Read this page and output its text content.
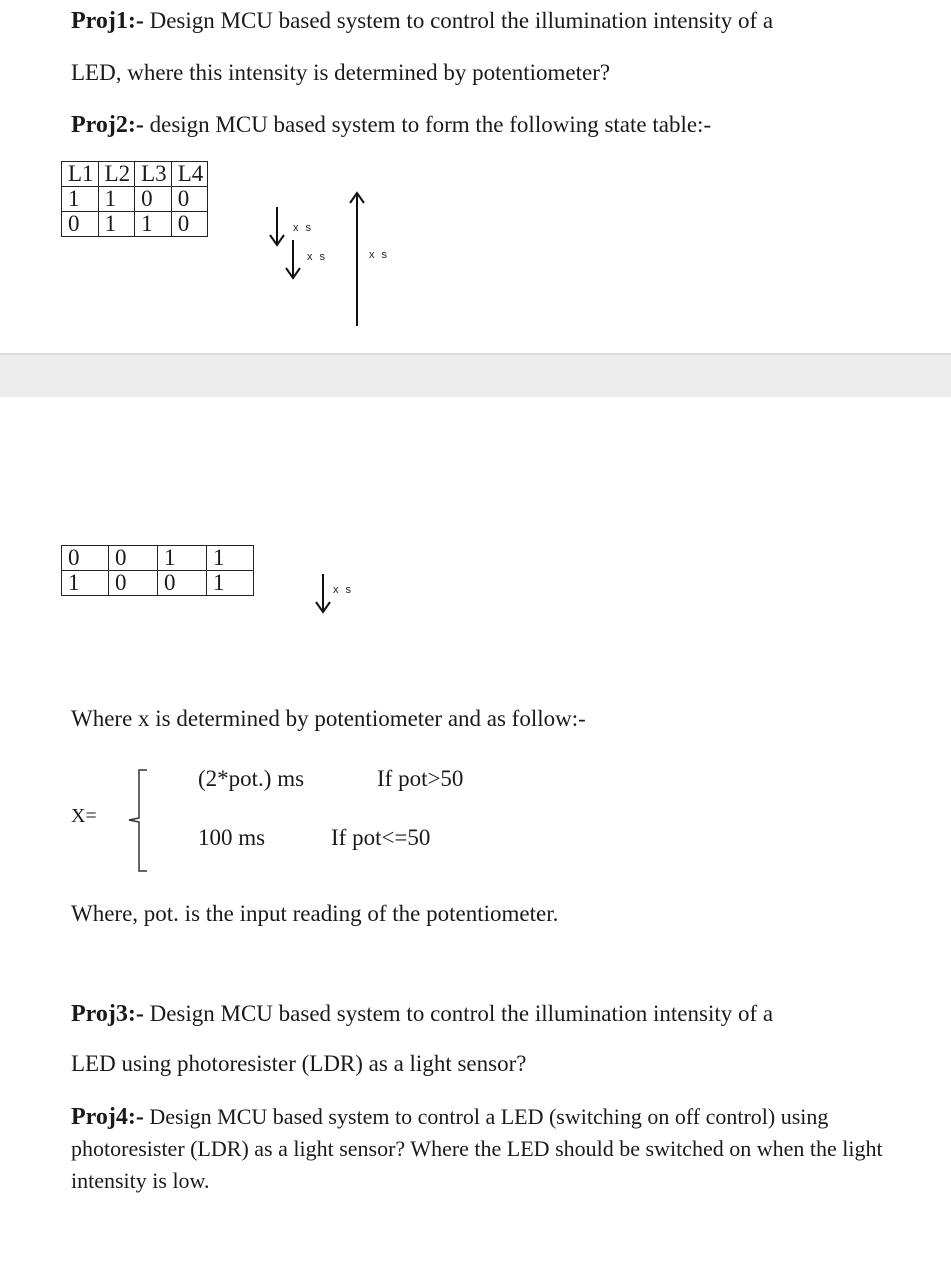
Proj1:- Design MCU based system to control the illumination intensity of a
LED, where this intensity is determined by potentiometer?
Proj2:- design MCU based system to form the following state table:-
L1	L2	L3	L4
1	1	0	0
0	1	1	0	x s
x s	x s
0	0	1	1
1	0	0	1	x s
Where x is determined by potentiometer and as follow:-
X=
(2*pot.) ms	If pot>50
100 ms	If pot<=50
Where, pot. is the input reading of the potentiometer.
Proj3:- Design MCU based system to control the illumination intensity of a
LED using photoresister (LDR) as a light sensor?
Proj4:- Design MCU based system to control a LED (switching on off control) using photoresister (LDR) as a light sensor? Where the LED should be switched on when the light intensity is low.
